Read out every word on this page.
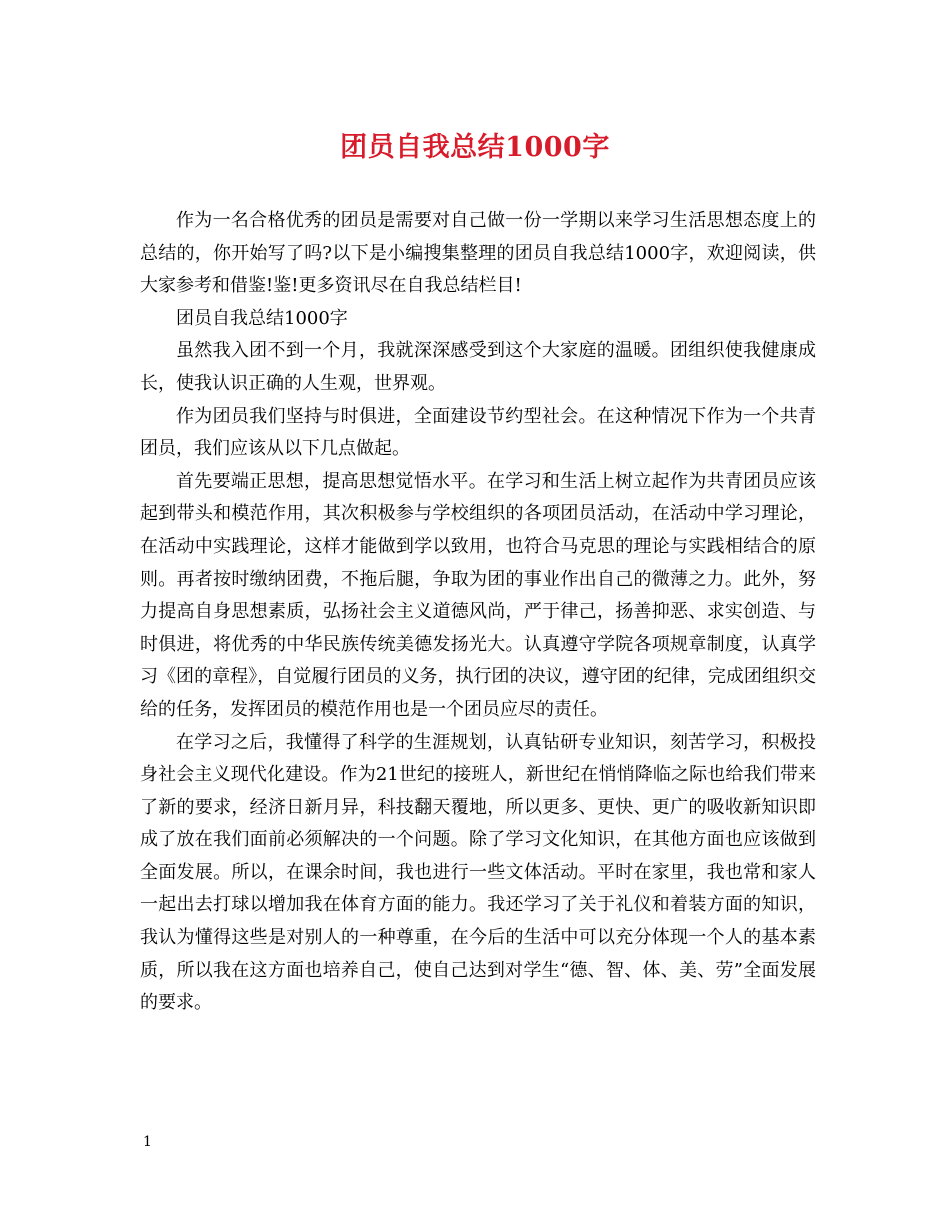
团员自我总结1000字

作为一名合格优秀的团员是需要对自己做一份一学期以来学习生活思想态度上的总结的，你开始写了吗?以下是小编搜集整理的团员自我总结1000字，欢迎阅读，供大家参考和借鉴!鉴!更多资讯尽在自我总结栏目!

团员自我总结1000字

虽然我入团不到一个月，我就深深感受到这个大家庭的温暖。团组织使我健康成长，使我认识正确的人生观，世界观。

作为团员我们坚持与时俱进，全面建设节约型社会。在这种情况下作为一个共青团员，我们应该从以下几点做起。

首先要端正思想，提高思想觉悟水平。在学习和生活上树立起作为共青团员应该起到带头和模范作用，其次积极参与学校组织的各项团员活动，在活动中学习理论，在活动中实践理论，这样才能做到学以致用，也符合马克思的理论与实践相结合的原则。再者按时缴纳团费，不拖后腿，争取为团的事业作出自己的微薄之力。此外，努力提高自身思想素质，弘扬社会主义道德风尚，严于律己，扬善抑恶、求实创造、与时俱进，将优秀的中华民族传统美德发扬光大。认真遵守学院各项规章制度，认真学习《团的章程》，自觉履行团员的义务，执行团的决议，遵守团的纪律，完成团组织交给的任务，发挥团员的模范作用也是一个团员应尽的责任。

在学习之后，我懂得了科学的生涯规划，认真钻研专业知识，刻苦学习，积极投身社会主义现代化建设。作为21世纪的接班人，新世纪在悄悄降临之际也给我们带来了新的要求，经济日新月异，科技翻天覆地，所以更多、更快、更广的吸收新知识即成了放在我们面前必须解决的一个问题。除了学习文化知识，在其他方面也应该做到全面发展。所以，在课余时间，我也进行一些文体活动。平时在家里，我也常和家人一起出去打球以增加我在体育方面的能力。我还学习了关于礼仪和着装方面的知识，我认为懂得这些是对别人的一种尊重，在今后的生活中可以充分体现一个人的基本素质，所以我在这方面也培养自己，使自己达到对学生“德、智、体、美、劳”全面发展的要求。

1
